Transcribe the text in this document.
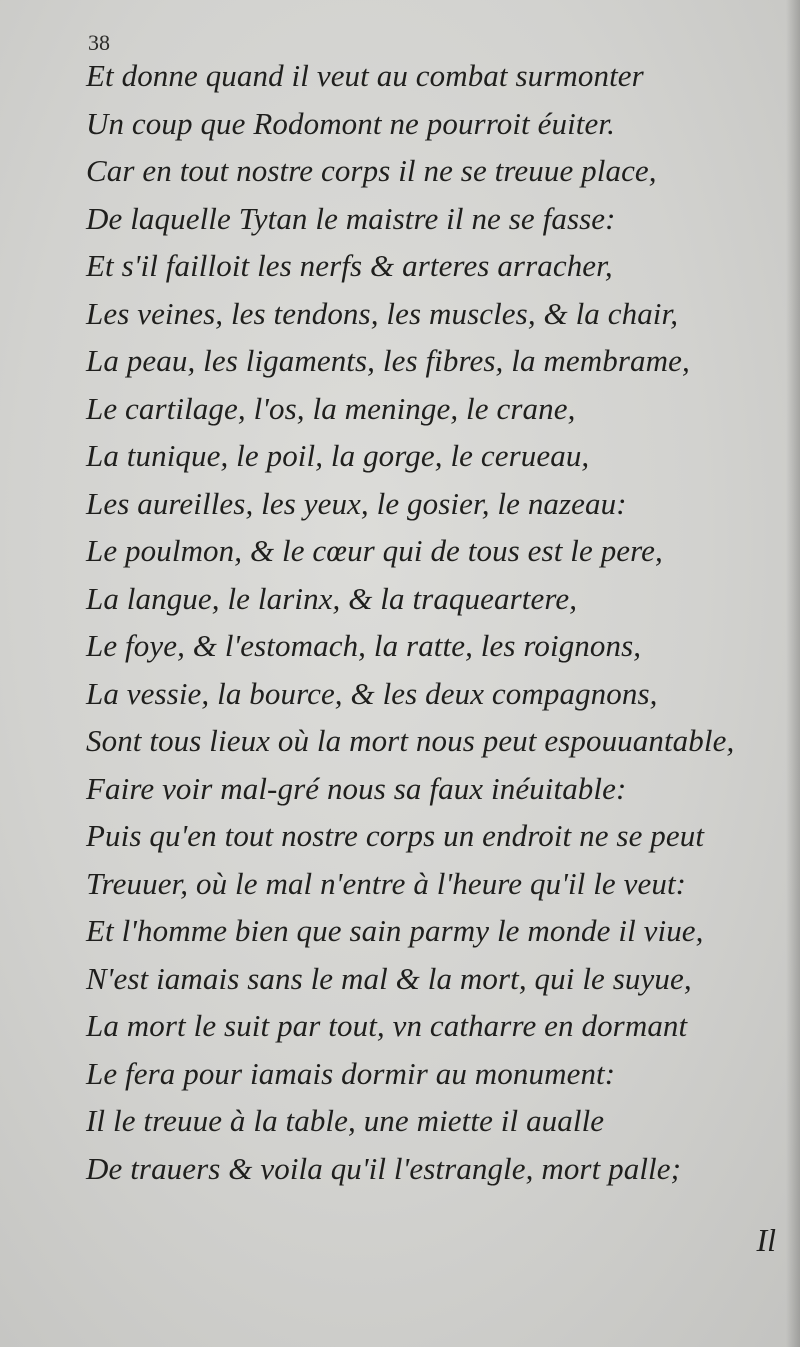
38
Et donne quand il veut au combat surmonter
Un coup que Rodomont ne pourroit éuiter.
Car en tout nostre corps il ne se treuue place,
De laquelle Tytan le maistre il ne se fasse:
Et s'il failloit les nerfs & arteres arracher,
Les veines, les tendons, les muscles, & la chair,
La peau, les ligaments, les fibres, la membrame,
Le cartilage, l'os, la meninge, le crane,
La tunique, le poil, la gorge, le cerueau,
Les aureilles, les yeux, le gosier, le nazeau:
Le poulmon, & le cœur qui de tous est le pere,
La langue, le larinx, & la traqueartere,
Le foye, & l'estomach, la ratte, les roignons,
La vessie, la bource, & les deux compagnons,
Sont tous lieux où la mort nous peut espouuantable,
Faire voir mal-gré nous sa faux inéuitable:
Puis qu'en tout nostre corps un endroit ne se peut
Treuuer, où le mal n'entre à l'heure qu'il le veut:
Et l'homme bien que sain parmy le monde il viue,
N'est iamais sans le mal & la mort, qui le suyue,
La mort le suit par tout, vn catharre en dormant
Le fera pour iamais dormir au monument:
Il le treuue à la table, une miette il aualle
De trauers & voila qu'il l'estrangle, mort palle;
Il
